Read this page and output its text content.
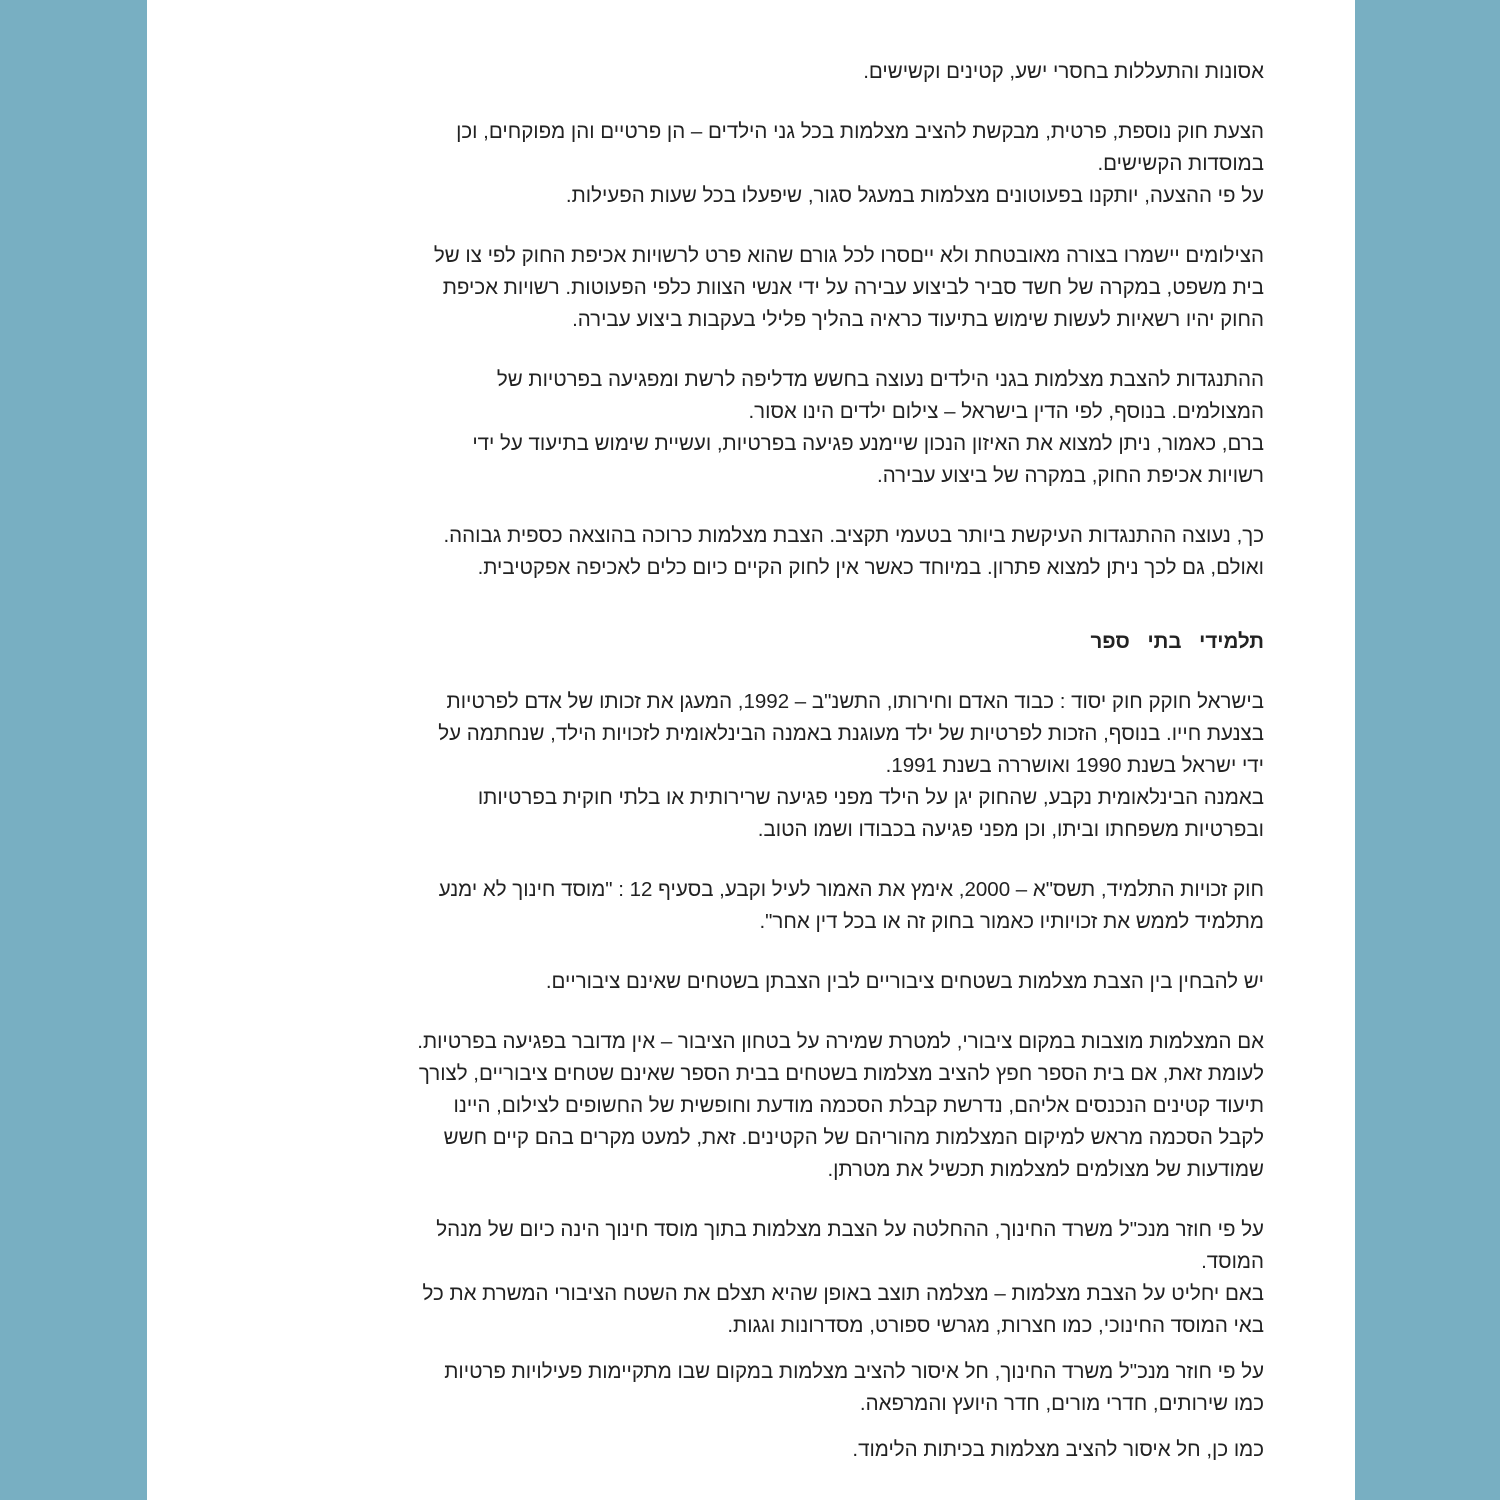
אסונות והתעללות בחסרי ישע, קטינים וקשישים.

הצעת חוק נוספת, פרטית, מבקשת להציב מצלמות בכל גני הילדים – הן פרטיים והן מפוקחים, וכן

במוסדות הקשישים.

על פי ההצעה, יותקנו בפעוטונים מצלמות במעגל סגור, שיפעלו בכל שעות הפעילות.

הצילומים יישמרו בצורה מאובטחת ולא ייםסרו לכל גורם שהוא פרט לרשויות אכיפת החוק לפי צו של

בית משפט, במקרה של חשד סביר לביצוע עבירה על ידי אנשי הצוות כלפי הפעוטות. רשויות אכיפת

החוק יהיו רשאיות לעשות שימוש בתיעוד כראיה בהליך פלילי בעקבות ביצוע עבירה.

ההתנגדות להצבת מצלמות בגני הילדים נעוצה בחשש מדליפה לרשת ומפגיעה בפרטיות של

המצולמים. בנוסף, לפי הדין בישראל – צילום ילדים הינו אסור.

ברם, כאמור, ניתן למצוא את האיזון הנכון שיימנע פגיעה בפרטיות, ועשיית שימוש בתיעוד על ידי

רשויות אכיפת החוק, במקרה של ביצוע עבירה.

כך, נעוצה ההתנגדות העיקשת ביותר בטעמי תקציב. הצבת מצלמות כרוכה בהוצאה כספית גבוהה.

ואולם, גם לכך ניתן למצוא פתרון. במיוחד כאשר אין לחוק הקיים כיום כלים לאכיפה אפקטיבית.

תלמידי בתי ספר

בישראל חוקק חוק יסוד : כבוד האדם וחירותו, התשנ"ב – 1992, המעגן את זכותו של אדם לפרטיות

בצנעת חייו. בנוסף, הזכות לפרטיות של ילד מעוגנת באמנה הבינלאומית לזכויות הילד, שנחתמה על

ידי ישראל בשנת 1990 ואושררה בשנת 1991.

באמנה הבינלאומית נקבע, שהחוק יגן על הילד מפני פגיעה שרירותית או בלתי חוקית בפרטיותו

ובפרטיות משפחתו וביתו, וכן מפני פגיעה בכבודו ושמו הטוב.

חוק זכויות התלמיד, תשס"א – 2000, אימץ את האמור לעיל וקבע, בסעיף 12 : "מוסד חינוך לא ימנע

מתלמיד לממש את זכויותיו כאמור בחוק זה או בכל דין אחר".

יש להבחין בין הצבת מצלמות בשטחים ציבוריים לבין הצבתן בשטחים שאינם ציבוריים.

אם המצלמות מוצבות במקום ציבורי, למטרת שמירה על בטחון הציבור – אין מדובר בפגיעה בפרטיות.

לעומת זאת, אם בית הספר חפץ להציב מצלמות בשטחים בבית הספר שאינם שטחים ציבוריים, לצורך

תיעוד קטינים הנכנסים אליהם, נדרשת קבלת הסכמה מודעת וחופשית של החשופים לצילום, היינו

לקבל הסכמה מראש למיקום המצלמות מהוריהם של הקטינים. זאת, למעט מקרים בהם קיים חשש

שמודעות של מצולמים למצלמות תכשיל את מטרתן.

על פי חוזר מנכ"ל משרד החינוך, ההחלטה על הצבת מצלמות בתוך מוסד חינוך הינה כיום של מנהל

המוסד.

באם יחליט על הצבת מצלמות – מצלמה תוצב באופן שהיא תצלם את השטח הציבורי המשרת את כל

באי המוסד החינוכי, כמו חצרות, מגרשי ספורט, מסדרונות וגגות.

על פי חוזר מנכ"ל משרד החינוך, חל איסור להציב מצלמות במקום שבו מתקיימות פעילויות פרטיות

כמו שירותים, חדרי מורים, חדר היועץ והמרפאה.

כמו כן, חל איסור להציב מצלמות בכיתות הלימוד.
